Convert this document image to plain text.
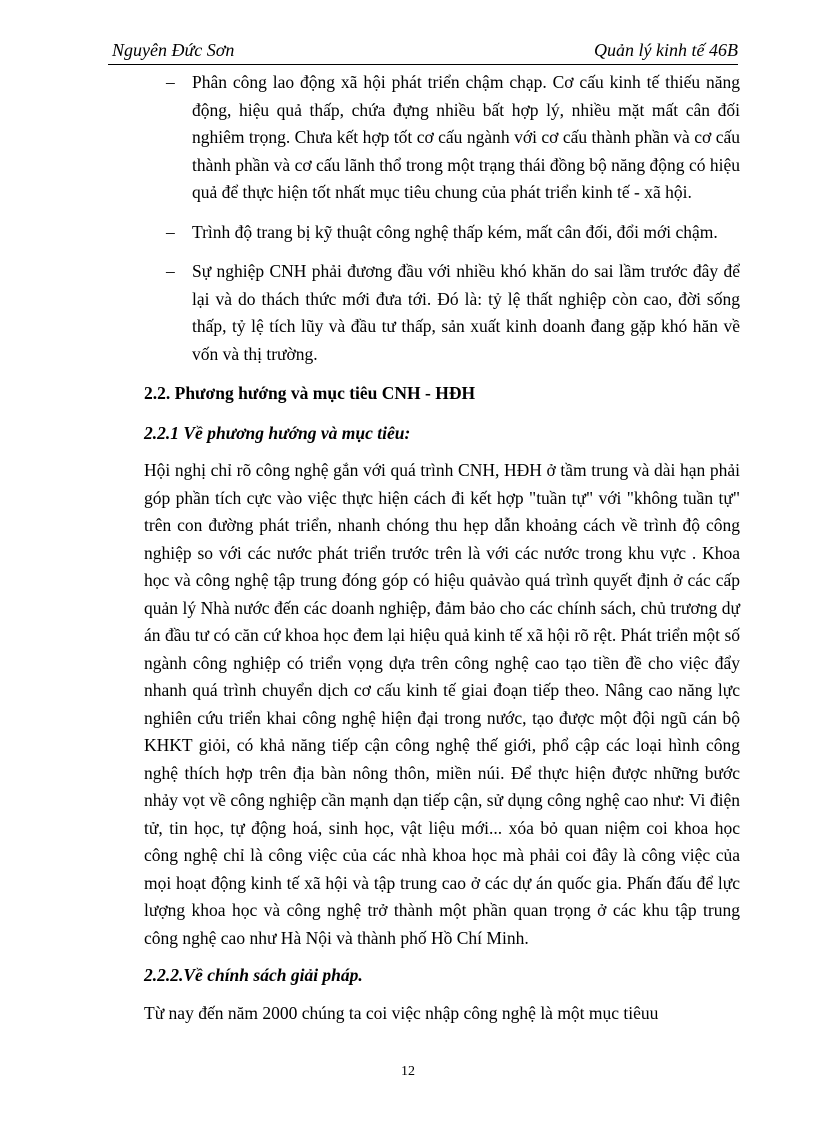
Nguyên Đức Sơn	Quản lý kinh tế 46B
– Phân công lao động xã hội phát triển chậm chạp. Cơ cấu kinh tế thiếu năng động, hiệu quả thấp, chứa đựng nhiều bất hợp lý, nhiều mặt mất cân đối nghiêm trọng. Chưa kết hợp tốt cơ cấu ngành với cơ cấu thành phần và cơ cấu thành phần và cơ cấu lãnh thổ trong một trạng thái đồng bộ năng động có hiệu quả để thực hiện tốt nhất mục tiêu chung của phát triển kinh tế - xã hội.
– Trình độ trang bị kỹ thuật công nghệ thấp kém, mất cân đối, đổi mới chậm.
– Sự nghiệp CNH phải đương đầu với nhiều khó khăn do sai lầm trước đây để lại và do thách thức mới đưa tới. Đó là: tỷ lệ thất nghiệp còn cao, đời sống thấp, tỷ lệ tích lũy và đầu tư thấp, sản xuất kinh doanh đang gặp khó hăn về vốn và thị trường.
2.2. Phương hướng và mục tiêu CNH - HĐH
2.2.1 Về phương hướng và mục tiêu:
Hội nghị chỉ rõ công nghệ gắn với quá trình CNH, HĐH ở tầm trung và dài hạn phải góp phần tích cực vào việc thực hiện cách đi kết hợp "tuần tự" với "không tuần tự" trên con đường phát triển, nhanh chóng thu hẹp dẫn khoảng cách về trình độ công nghiệp so với các nước phát triển trước trên là với các nước trong khu vực . Khoa học và công nghệ tập trung đóng góp có hiệu quảvào quá trình quyết định ở các cấp quản lý Nhà nước đến các doanh nghiệp, đảm bảo cho các chính sách, chủ trương dự án đầu tư có căn cứ khoa học đem lại hiệu quả kinh tế xã hội rõ rệt. Phát triển một số ngành công nghiệp có triển vọng dựa trên công nghệ cao tạo tiền đề cho việc đẩy nhanh quá trình chuyển dịch cơ cấu kinh tế giai đoạn tiếp theo. Nâng cao năng lực nghiên cứu triển khai công nghệ hiện đại trong nước, tạo được một đội ngũ cán bộ KHKT giỏi, có khả năng tiếp cận công nghệ thế giới, phổ cập các loại hình công nghệ thích hợp trên địa bàn nông thôn, miền núi. Để thực hiện được những bước nhảy vọt về công nghiệp cần mạnh dạn tiếp cận, sử dụng công nghệ cao như: Vi điện tử, tin học, tự động hoá, sinh học, vật liệu mới... xóa bỏ quan niệm coi khoa học công nghệ chỉ là công việc của các nhà khoa học mà phải coi đây là công việc của mọi hoạt động kinh tế xã hội và tập trung cao ở các dự án quốc gia. Phấn đấu để lực lượng khoa học và công nghệ trở thành một phần quan trọng ở các khu tập trung công nghệ cao như Hà Nội và thành phố Hồ Chí Minh.
2.2.2.Về chính sách giải pháp.
Từ nay đến năm 2000 chúng ta coi việc nhập công nghệ là một mục tiêuu
12
